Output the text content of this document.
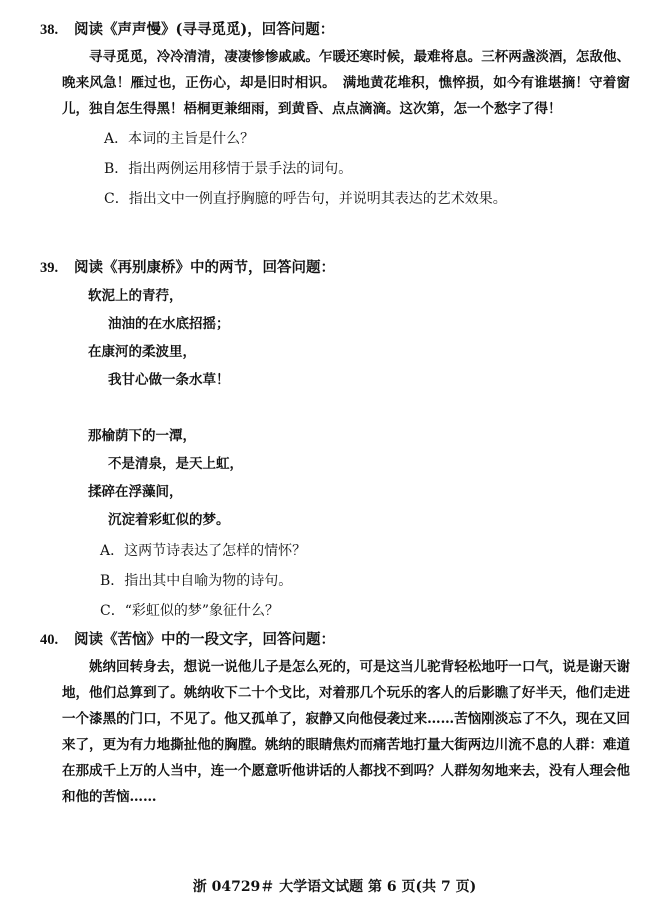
38. 阅读《声声慢》(寻寻觅觅)，回答问题：
寻寻觅觅，冷冷清清，凄凄惨惨戚戚。乍暖还寒时候，最难将息。三杯两盏淡酒，怎敌他、晚来风急！雁过也，正伤心，却是旧时相识。　满地黄花堆积，憔悴损，如今有谁堪摘！守着窗儿，独自怎生得黑！梧桐更兼细雨，到黄昏、点点滴滴。这次第，怎一个愁字了得！
A．本词的主旨是什么？
B．指出两例运用移情于景手法的词句。
C．指出文中一例直抒胸臆的呼告句，并说明其表达的艺术效果。
39. 阅读《再别康桥》中的两节，回答问题：
软泥上的青荇，
油油的在水底招摇；
在康河的柔波里，
我甘心做一条水草！
那榆荫下的一潭，
不是清泉，是天上虹，
揉碎在浮藻间，
沉淀着彩虹似的梦。
A．这两节诗表达了怎样的情怀？
B．指出其中自喻为物的诗句。
C．“彩虹似的梦”象征什么？
40. 阅读《苦恼》中的一段文字，回答问题：
姚纳回转身去，想说一说他儿子是怎么死的，可是这当儿驼背轻松地吁一口气，说是谢天谢地，他们总算到了。姚纳收下二十个戈比，对着那几个玩乐的客人的后影瞧了好半天，他们走进一个漆黑的门口，不见了。他又孤单了，寂静又向他侵袭过来……苦恼刚淡忘了不久，现在又回来了，更为有力地撕扯他的胸膛。姚纳的眼睛焦灼而痛苦地打量大街两边川流不息的人群：难道在那成千上万的人当中，连一个愿意听他讲话的人都找不到吗？人群匆匆地来去，没有人理会他和他的苦恼……
浙 04729＃ 大学语文试题 第 6 页(共 7 页)
